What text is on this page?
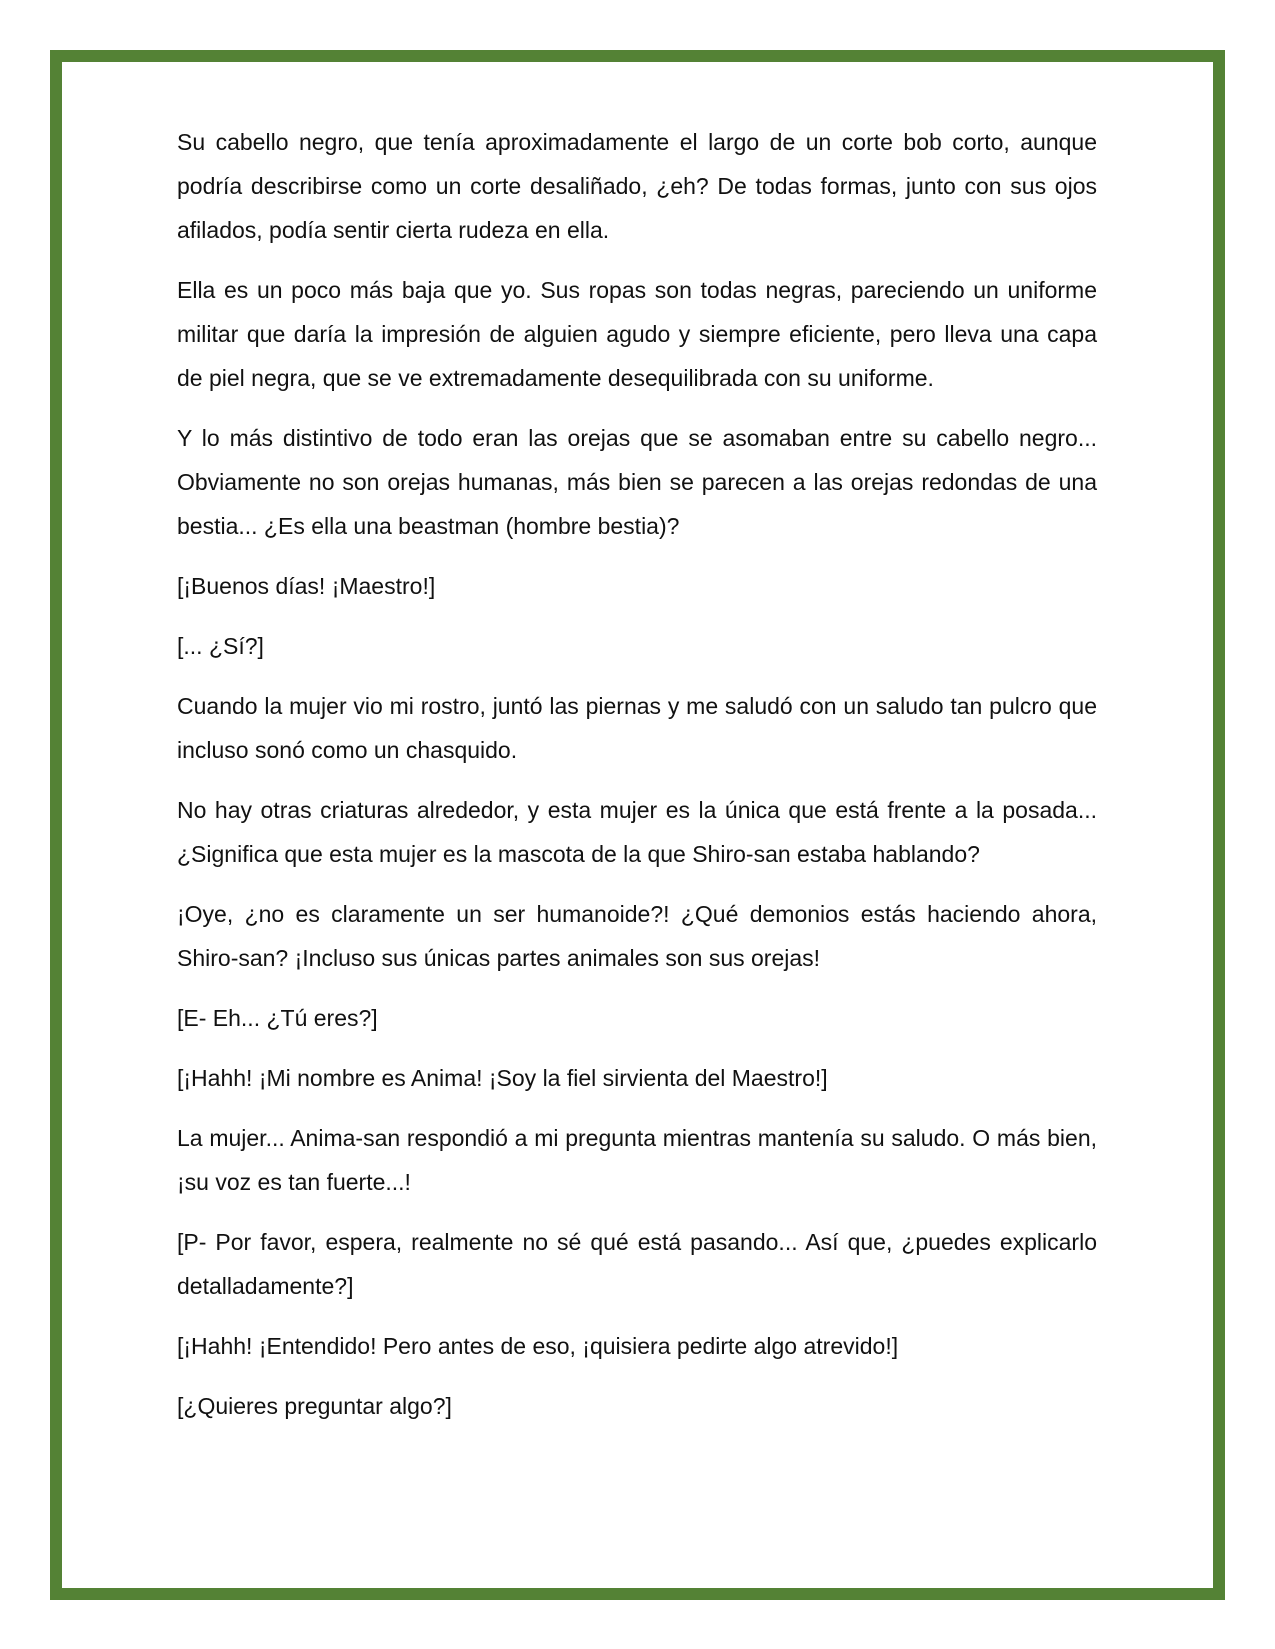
Su cabello negro, que tenía aproximadamente el largo de un corte bob corto, aunque podría describirse como un corte desaliñado, ¿eh? De todas formas, junto con sus ojos afilados, podía sentir cierta rudeza en ella.

Ella es un poco más baja que yo. Sus ropas son todas negras, pareciendo un uniforme militar que daría la impresión de alguien agudo y siempre eficiente, pero lleva una capa de piel negra, que se ve extremadamente desequilibrada con su uniforme.

Y lo más distintivo de todo eran las orejas que se asomaban entre su cabello negro... Obviamente no son orejas humanas, más bien se parecen a las orejas redondas de una bestia... ¿Es ella una beastman (hombre bestia)?

[¡Buenos días! ¡Maestro!]

[... ¿Sí?]

Cuando la mujer vio mi rostro, juntó las piernas y me saludó con un saludo tan pulcro que incluso sonó como un chasquido.

No hay otras criaturas alrededor, y esta mujer es la única que está frente a la posada... ¿Significa que esta mujer es la mascota de la que Shiro-san estaba hablando?

¡Oye, ¿no es claramente un ser humanoide?! ¿Qué demonios estás haciendo ahora, Shiro-san? ¡Incluso sus únicas partes animales son sus orejas!

[E- Eh... ¿Tú eres?]

[¡Hahh! ¡Mi nombre es Anima! ¡Soy la fiel sirvienta del Maestro!]

La mujer... Anima-san respondió a mi pregunta mientras mantenía su saludo. O más bien, ¡su voz es tan fuerte...!

[P- Por favor, espera, realmente no sé qué está pasando... Así que, ¿puedes explicarlo detalladamente?]

[¡Hahh! ¡Entendido! Pero antes de eso, ¡quisiera pedirte algo atrevido!]

[¿Quieres preguntar algo?]
